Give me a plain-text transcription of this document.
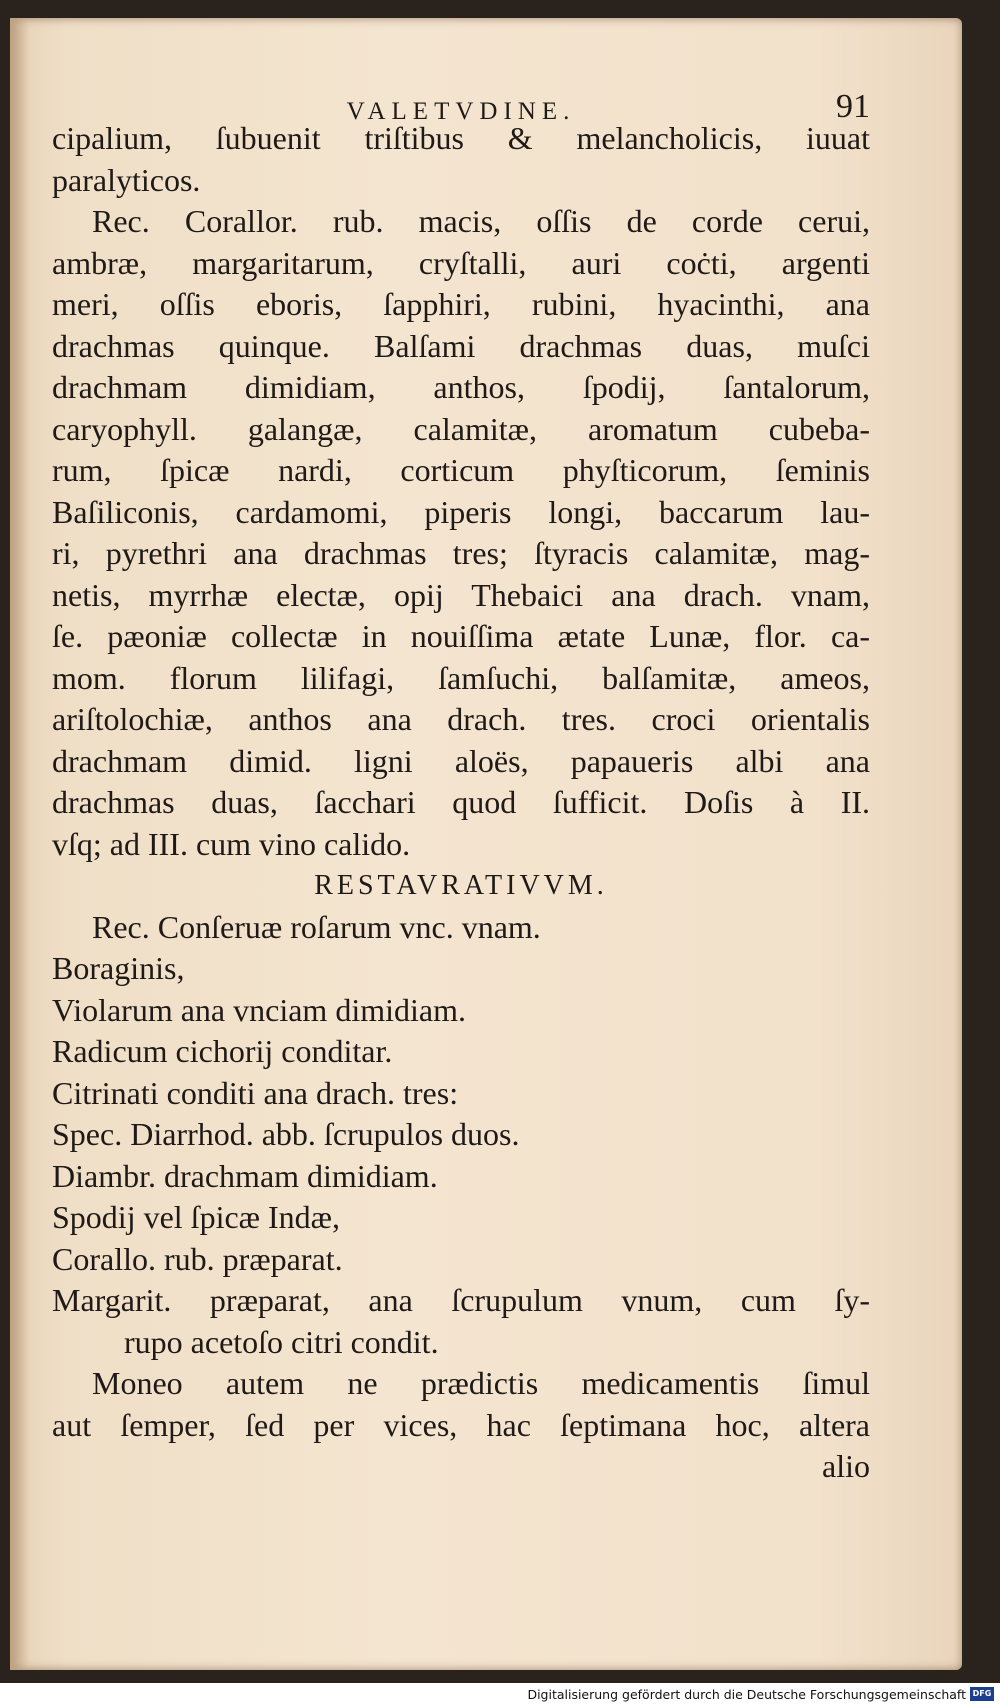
VALETVDINE.	91
cipalium, ſubuenit triſtibus & melancholicis, iuuat
paralyticos.
Rec. Corallor. rub. macis, oſſis de corde cerui,
ambræ, margaritarum, cryſtalli, auri coċti, argenti
meri, oſſis eboris, ſapphiri, rubini, hyacinthi, ana
drachmas quinque. Balſami drachmas duas, muſci
drachmam dimidiam, anthos, ſpodij, ſantalorum,
caryophyll. galangæ, calamitæ, aromatum cubeba-
rum, ſpicæ nardi, corticum phyſticorum, ſeminis
Baſiliconis, cardamomi, piperis longi, baccarum lau-
ri, pyrethri ana drachmas tres; ſtyracis calamitæ, mag-
netis, myrrhæ electæ, opij Thebaici ana drach. vnam,
ſe. pæoniæ collectæ in nouiſſima ætate Lunæ, flor. ca-
mom. florum lilifagi, ſamſuchi, balſamitæ, ameos,
ariſtolochiæ, anthos ana drach. tres. croci orientalis
drachmam dimid. ligni aloës, papaueris albi ana
drachmas duas, ſacchari quod ſufficit. Doſis à II.
vſq; ad III. cum vino calido.
RESTAVRATIVVM.
Rec. Conſeruæ roſarum vnc. vnam.
Boraginis,
Violarum ana vnciam dimidiam.
Radicum cichorij conditar.
Citrinati conditi ana drach. tres:
Spec. Diarrhod. abb. ſcrupulos duos.
Diambr. drachmam dimidiam.
Spodij vel ſpicæ Indæ,
Corallo. rub. præparat.
Margarit. præparat, ana ſcrupulum vnum, cum ſy-
rupo acetoſo citri condit.
Moneo autem ne prædictis medicamentis ſimul
aut ſemper, ſed per vices, hac ſeptimana hoc, altera
alio
Digitalisierung gefördert durch die Deutsche Forschungsgemeinschaft DFG
